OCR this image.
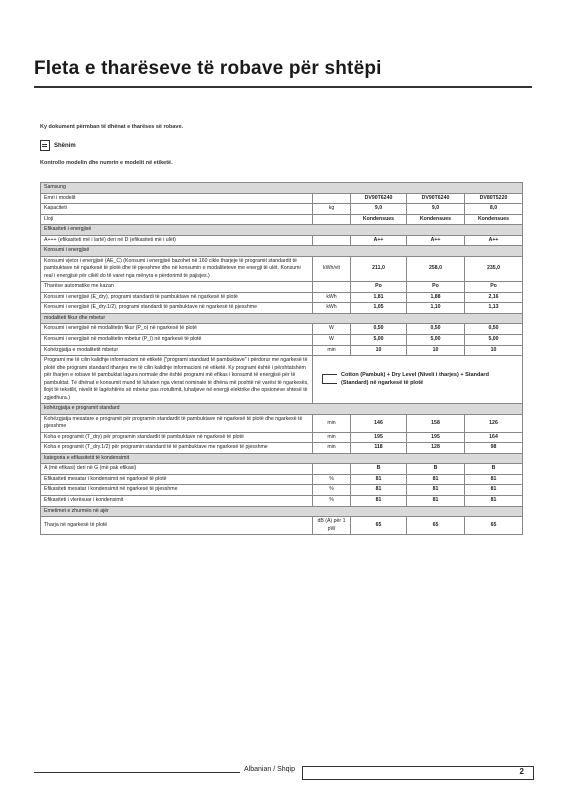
Fleta e tharëseve të robave për shtëpi
Ky dokument përmban të dhënat e tharëses së robave.
Shënim
Kontrollo modelin dhe numrin e modelit në etiketë.
Samsung				
Emri i modelit		DV90T6240	DV90T6240	DV80T5220
Kapaciteti	kg	9,0	9,0	8,0
Lloji		Kondensues	Kondensues	Kondensues
Efikasiteti i energjisë				
A+++ (efikasiteti më i lartë) deri në D (efikasiteti më i ulët)		A++	A++	A++
Konsumi i energjisë				
Konsumi vjetor i energjisë (AE_C) (Konsumi i energjisë bazohet në 160 cikle tharjeje të programit standardit të pambuktave në ngarkesë të plotë dhe të pjesshme dhe në konsumin e modaliteteve me energji të ulët. Konsumi real i energjisë për cikël do të varet nga mënyra e përdorimit të pajisjes.)	kWh/vit	211,0	258,0	235,0
Tharëse automatike me kazan		Po	Po	Po
Konsumi i energjisë (E_dry), programi standardi të pambuktave në ngarkesë të plotë	kWh	1,81	1,88	2,16
Konsumi i energjisë (E_dry.1/2), programi standardi të pambuktave në ngarkesë të pjesshme	kWh	1,05	1,10	1,13
modaliteti fikur dhe mbetur				
Konsumi i energjisë në modalitetin fikur (P_o) në ngarkesë të plotë	W	0,50	0,50	0,50
Konsumi i energjisë në modalitetin mbetur (P_l) në ngarkesë të plotë	W	5,00	5,00	5,00
Kohëzgjatja e modalitetit mbetur	min	10	10	10
Programi me të cilin kalidhje informacioni në etiketë ("programi standard të pambuktave" i përdorur me ngarkesë të plotë dhe programi standard ithanjes me të cilin kalidhje informacioni në etiketë. Ky programi është i përshtatshëm për tharjen e robave të pambuktat lagura normale dhe është programi më efikas i konsumit të energjisë për të pambuktat. Të dhënat e konsumit mund të luhaten nga vlerat nominale të dhëna më poshtë në varësi të ngarkesës, llojit të tekstilit, nivelit të lagështirës së mbetur pas rrotullimit, luhatjeve në energji elektrike dhe opsioneve shtesë të zgjedhura.)	Cotton (Pambuk) + Dry Level (Niveli i tharjes) + Standard (Standard) në ngarkesë të plotë			

kohëzgjatja e programit standard				
Kohëzgjatja mesatare e programit për programin standardit të pambuktave në ngarkesë të plotë dhe ngarkesë të pjesshme	min	146	158	126
Koha e programit (T_dry) për programin standardit të pambuktave në ngarkesë të plotë	min	195	195	164
Koha e programit (T_dry.1/2) për programin standard të të pambuktave me ngarkesë të pjesshme	min	118	128	98
kategoria e efikasitetit të kondensimit				
A (më efikasi) deri në G (më pak efikasi)		B	B	B
Efikasiteti mesatar i kondensimit në ngarkesë të plotë	%	81	81	81
Efikasiteti mesatar i kondensimit në ngarkesë të pjesshme	%	81	81	81
Efikasiteti i vlerësuar i kondensimit	%	81	81	81
Emetimet e zhurmës në ajër				
Tharja në ngarkesë të plotë	dB (A) për 1 pW	65	65	65
Albanian / Shqip	2
